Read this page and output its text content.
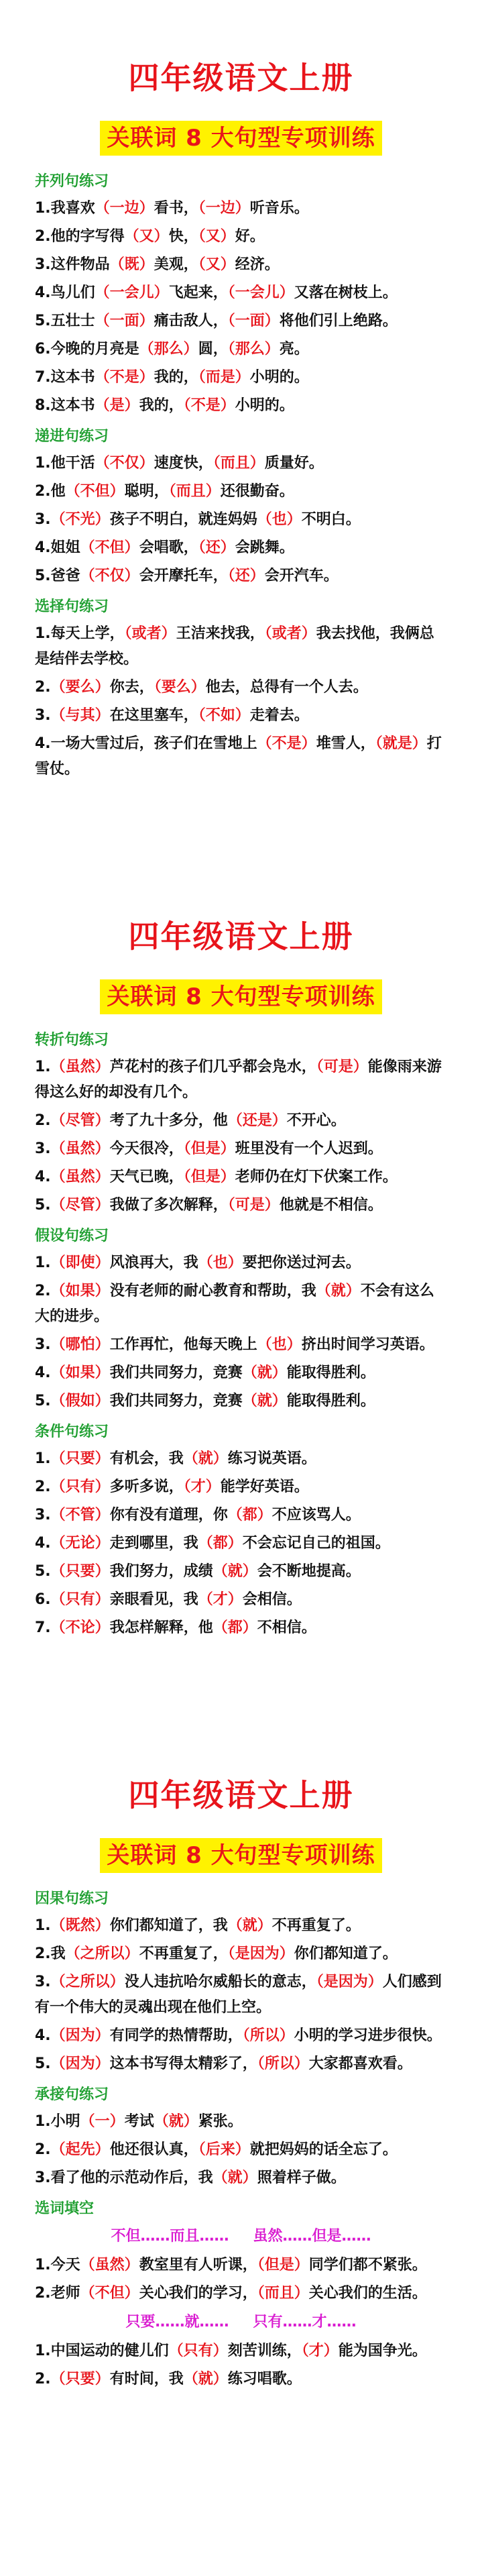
四年级语文上册
关联词 8 大句型专项训练
并列句练习
1.我喜欢（一边）看书，（一边）听音乐。
2.他的字写得（又）快，（又）好。
3.这件物品（既）美观，（又）经济。
4.鸟儿们（一会儿）飞起来，（一会儿）又落在树枝上。
5.五壮士（一面）痛击敌人，（一面）将他们引上绝路。
6.今晚的月亮是（那么）圆，（那么）亮。
7.这本书（不是）我的，（而是）小明的。
8.这本书（是）我的，（不是）小明的。
递进句练习
1.他干活（不仅）速度快，（而且）质量好。
2.他（不但）聪明，（而且）还很勤奋。
3.（不光）孩子不明白，就连妈妈（也）不明白。
4.姐姐（不但）会唱歌，（还）会跳舞。
5.爸爸（不仅）会开摩托车，（还）会开汽车。
选择句练习
1.每天上学，（或者）王洁来找我，（或者）我去找他，我俩总是结伴去学校。
2.（要么）你去，（要么）他去，总得有一个人去。
3.（与其）在这里塞车，（不如）走着去。
4.一场大雪过后，孩子们在雪地上（不是）堆雪人，（就是）打雪仗。
四年级语文上册
关联词 8 大句型专项训练
转折句练习
1.（虽然）芦花村的孩子们几乎都会凫水，（可是）能像雨来游得这么好的却没有几个。
2.（尽管）考了九十多分，他（还是）不开心。
3.（虽然）今天很冷，（但是）班里没有一个人迟到。
4.（虽然）天气已晚，（但是）老师仍在灯下伏案工作。
5.（尽管）我做了多次解释，（可是）他就是不相信。
假设句练习
1.（即使）风浪再大，我（也）要把你送过河去。
2.（如果）没有老师的耐心教育和帮助，我（就）不会有这么大的进步。
3.（哪怕）工作再忙，他每天晚上（也）挤出时间学习英语。
4.（如果）我们共同努力，竞赛（就）能取得胜利。
5.（假如）我们共同努力，竞赛（就）能取得胜利。
条件句练习
1.（只要）有机会，我（就）练习说英语。
2.（只有）多听多说，（才）能学好英语。
3.（不管）你有没有道理，你（都）不应该骂人。
4.（无论）走到哪里，我（都）不会忘记自己的祖国。
5.（只要）我们努力，成绩（就）会不断地提高。
6.（只有）亲眼看见，我（才）会相信。
7.（不论）我怎样解释，他（都）不相信。
四年级语文上册
关联词 8 大句型专项训练
因果句练习
1.（既然）你们都知道了，我（就）不再重复了。
2.我（之所以）不再重复了，（是因为）你们都知道了。
3.（之所以）没人违抗哈尔威船长的意志，（是因为）人们感到有一个伟大的灵魂出现在他们上空。
4.（因为）有同学的热情帮助，（所以）小明的学习进步很快。
5.（因为）这本书写得太精彩了，（所以）大家都喜欢看。
承接句练习
1.小明（一）考试（就）紧张。
2.（起先）他还很认真，（后来）就把妈妈的话全忘了。
3.看了他的示范动作后，我（就）照着样子做。
选词填空
不但……而且…… 虽然……但是……
1.今天（虽然）教室里有人听课，（但是）同学们都不紧张。
2.老师（不但）关心我们的学习，（而且）关心我们的生活。
只要……就…… 只有……才……
1.中国运动的健儿们（只有）刻苦训练，（才）能为国争光。
2.（只要）有时间，我（就）练习唱歌。
